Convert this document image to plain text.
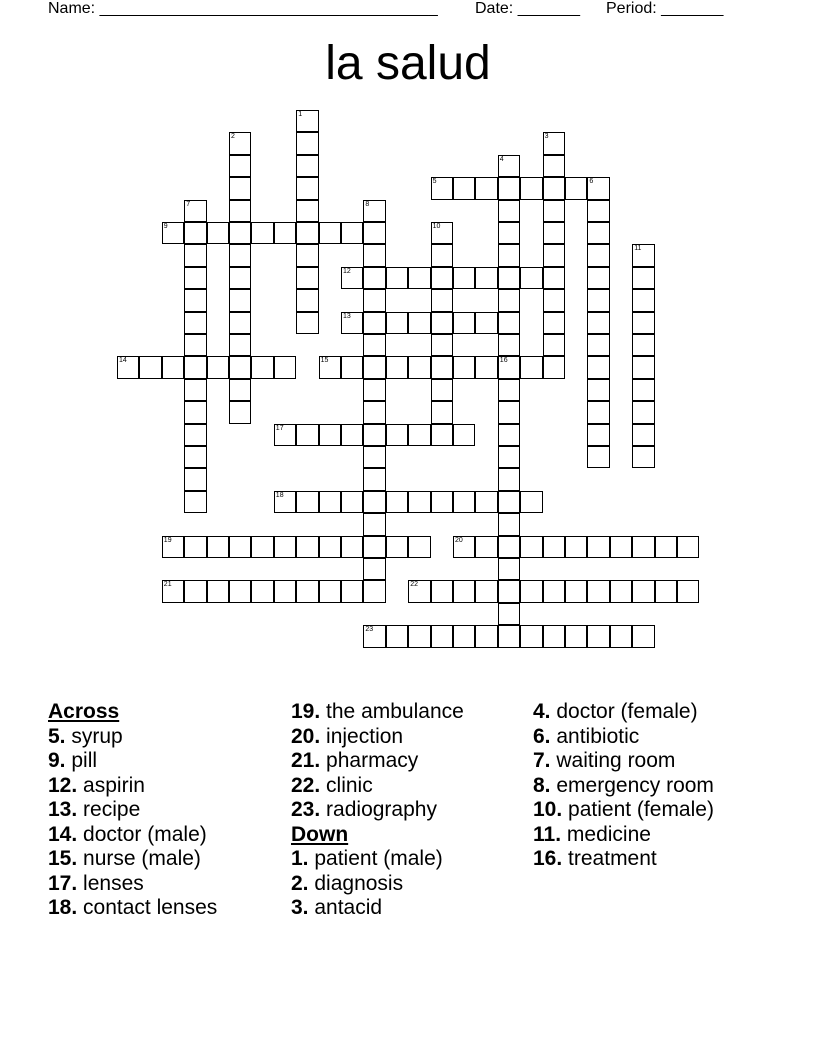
Name: ______________________________________ Date: _______ Period: _______
la salud
1
2	3
4
5	6
7	8
9	10
11
12
13
14	15	16
17
18
19	20
21	22
23
Across
5. syrup
9. pill
12. aspirin
13. recipe
14. doctor (male)
15. nurse (male)
17. lenses
18. contact lenses
19. the ambulance
20. injection
21. pharmacy
22. clinic
23. radiography
Down
1. patient (male)
2. diagnosis
3. antacid
4. doctor (female)
6. antibiotic
7. waiting room
8. emergency room
10. patient (female)
11. medicine
16. treatment
